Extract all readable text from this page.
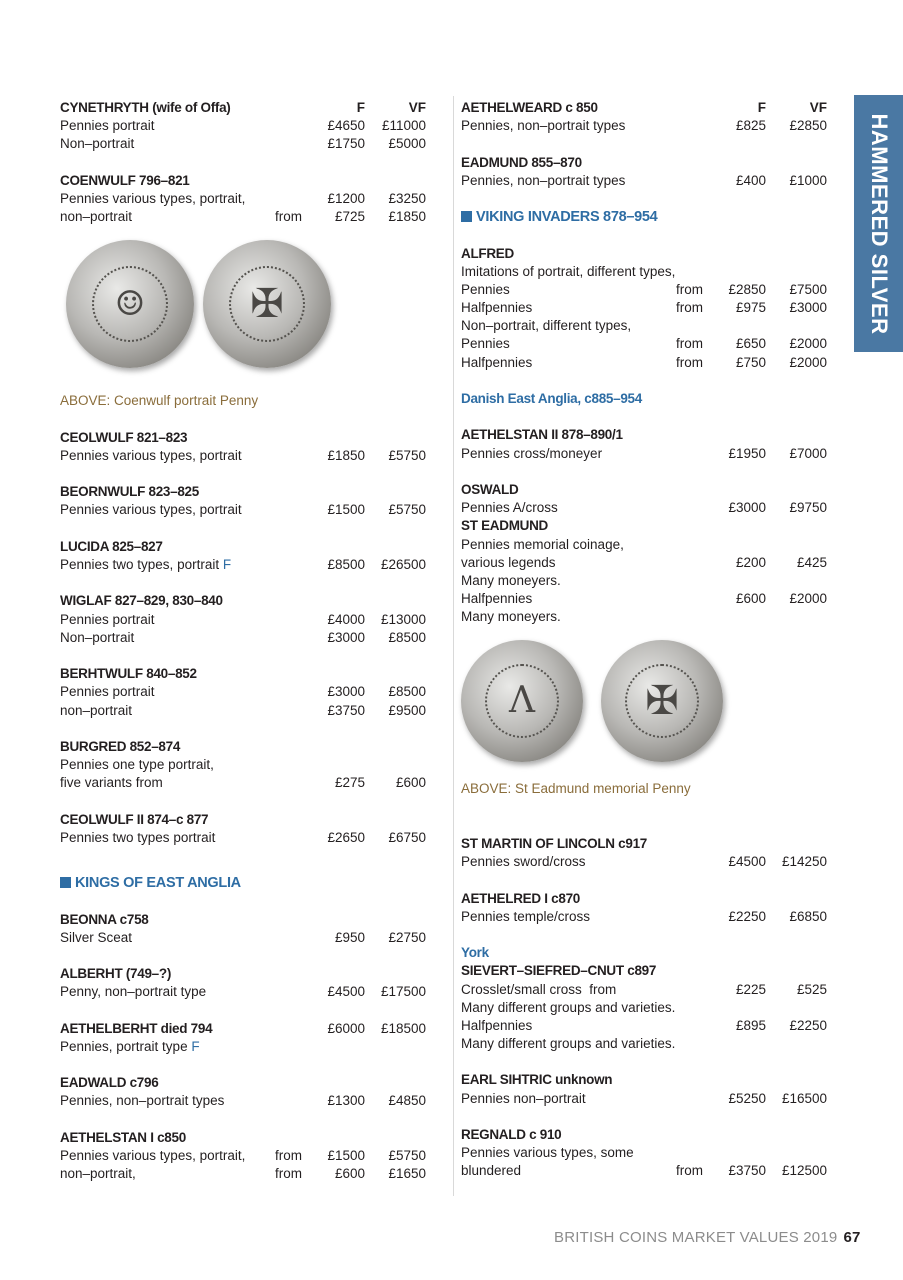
CYNETHRYTH (wife of Offa)	F	VF
Pennies portrait	£4650	£11000
Non–portrait	£1750	£5000
COENWULF 796–821
Pennies various types, portrait,	£1200	£3250
non–portrait	from	£725	£1850
☺	✠
ABOVE: Coenwulf portrait Penny
CEOLWULF 821–823
Pennies various types, portrait	£1850	£5750
BEORNWULF 823–825
Pennies various types, portrait	£1500	£5750
LUCIDA 825–827
Pennies two types, portrait F	£8500	£26500
WIGLAF 827–829, 830–840
Pennies portrait	£4000	£13000
Non–portrait	£3000	£8500
BERHTWULF 840–852
Pennies portrait	£3000	£8500
non–portrait	£3750	£9500
BURGRED 852–874
Pennies one type portrait,
five variants from	£275	£600
CEOLWULF II 874–c 877
Pennies two types portrait	£2650	£6750
KINGS OF EAST ANGLIA
BEONNA c758
Silver Sceat	£950	£2750
ALBERHT (749–?)
Penny, non–portrait type	£4500	£17500
AETHELBERHT died 794	£6000	£18500
Pennies, portrait type F
EADWALD c796
Pennies, non–portrait types	£1300	£4850
AETHELSTAN I c850
Pennies various types, portrait, from	£1500	£5750
non–portrait,	from	£600	£1650
AETHELWEARD c 850	F	VF
Pennies, non–portrait types	£825	£2850
EADMUND 855–870
Pennies, non–portrait types	£400	£1000
VIKING INVADERS 878–954
ALFRED
Imitations of portrait, different types,
Pennies	from	£2850	£7500
Halfpennies	from	£975	£3000
Non–portrait, different types,
Pennies	from	£650	£2000
Halfpennies	from	£750	£2000
Danish East Anglia, c885–954
AETHELSTAN II 878–890/1
Pennies cross/moneyer	£1950	£7000
OSWALD
Pennies A/cross	£3000	£9750
ST EADMUND
Pennies memorial coinage,
various legends	£200	£425
Many moneyers.
Halfpennies	£600	£2000
Many moneyers.
Λ	✠
ABOVE: St Eadmund memorial Penny
ST MARTIN OF LINCOLN c917
Pennies sword/cross	£4500	£14250
AETHELRED I c870
Pennies temple/cross	£2250	£6850
York
SIEVERT–SIEFRED–CNUT c897
Crosslet/small cross  from	£225	£525
Many different groups and varieties.
Halfpennies	£895	£2250
Many different groups and varieties.
EARL SIHTRIC unknown
Pennies non–portrait	£5250	£16500
REGNALD c 910
Pennies various types, some
blundered	from	£3750	£12500
HAMMERED SILVER
BRITISH COINS MARKET VALUES 2019 67
